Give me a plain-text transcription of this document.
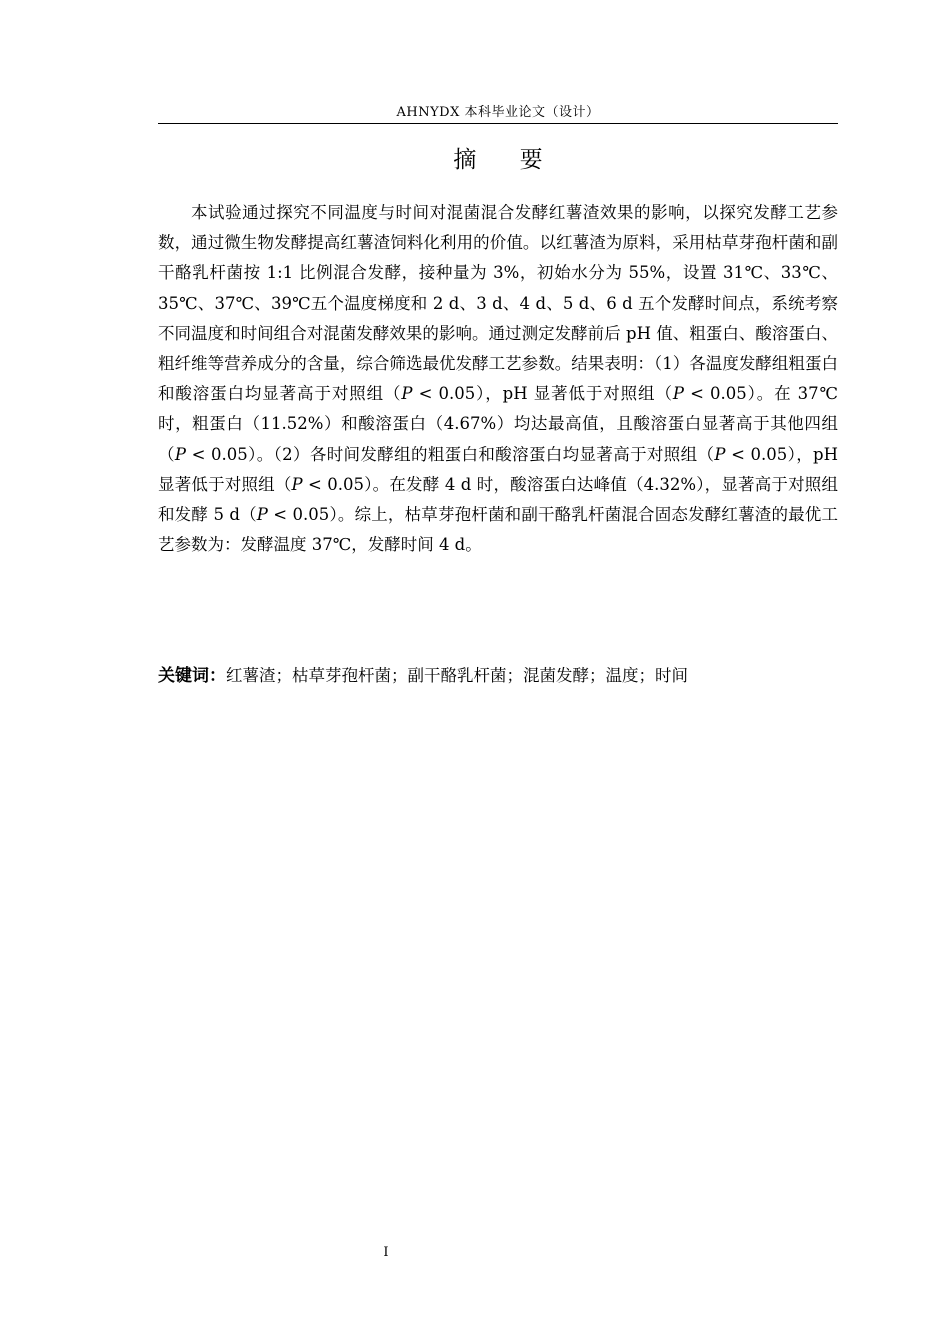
AHNYDX 本科毕业论文（设计）
摘 要

本试验通过探究不同温度与时间对混菌混合发酵红薯渣效果的影响，以探究发酵工艺参数，通过微生物发酵提高红薯渣饲料化利用的价值。以红薯渣为原料，采用枯草芽孢杆菌和副干酪乳杆菌按 1:1 比例混合发酵，接种量为 3%，初始水分为 55%，设置 31℃、33℃、35℃、37℃、39℃五个温度梯度和 2 d、3 d、4 d、5 d、6 d 五个发酵时间点，系统考察不同温度和时间组合对混菌发酵效果的影响。通过测定发酵前后 pH 值、粗蛋白、酸溶蛋白、粗纤维等营养成分的含量，综合筛选最优发酵工艺参数。结果表明：（1）各温度发酵组粗蛋白和酸溶蛋白均显著高于对照组（P < 0.05），pH 显著低于对照组（P < 0.05）。在 37℃时，粗蛋白（11.52%）和酸溶蛋白（4.67%）均达最高值，且酸溶蛋白显著高于其他四组（P < 0.05）。（2）各时间发酵组的粗蛋白和酸溶蛋白均显著高于对照组（P < 0.05），pH 显著低于对照组（P < 0.05）。在发酵 4 d 时，酸溶蛋白达峰值（4.32%），显著高于对照组和发酵 5 d（P < 0.05）。综上，枯草芽孢杆菌和副干酪乳杆菌混合固态发酵红薯渣的最优工艺参数为：发酵温度 37℃，发酵时间 4 d。

关键词：红薯渣；枯草芽孢杆菌；副干酪乳杆菌；混菌发酵；温度；时间
I
